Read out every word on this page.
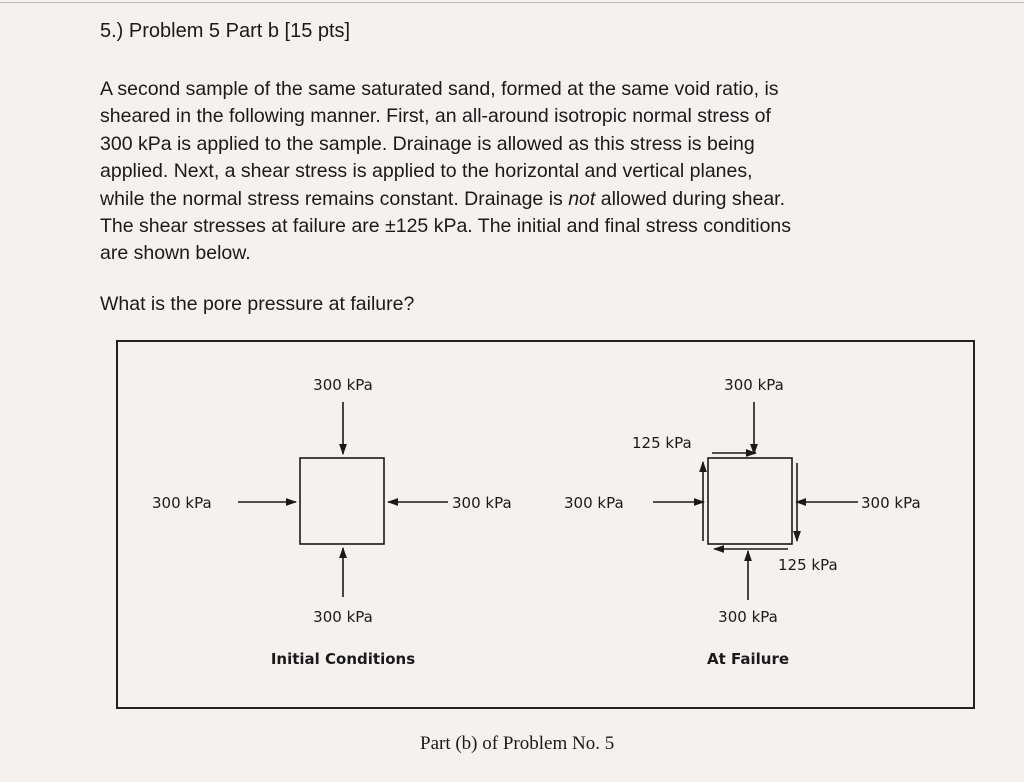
5.) Problem 5 Part b [15 pts]
A second sample of the same saturated sand, formed at the same void ratio, is
sheared in the following manner. First, an all-around isotropic normal stress of
300 kPa is applied to the sample. Drainage is allowed as this stress is being
applied. Next, a shear stress is applied to the horizontal and vertical planes,
while the normal stress remains constant. Drainage is not allowed during shear.
The shear stresses at failure are ±125 kPa. The initial and final stress conditions
are shown below.
What is the pore pressure at failure?
300 kPa
300 kPa	300 kPa
300 kPa
Initial Conditions
300 kPa
125 kPa
300 kPa	300 kPa
125 kPa
300 kPa
At Failure
Part (b) of Problem No. 5
